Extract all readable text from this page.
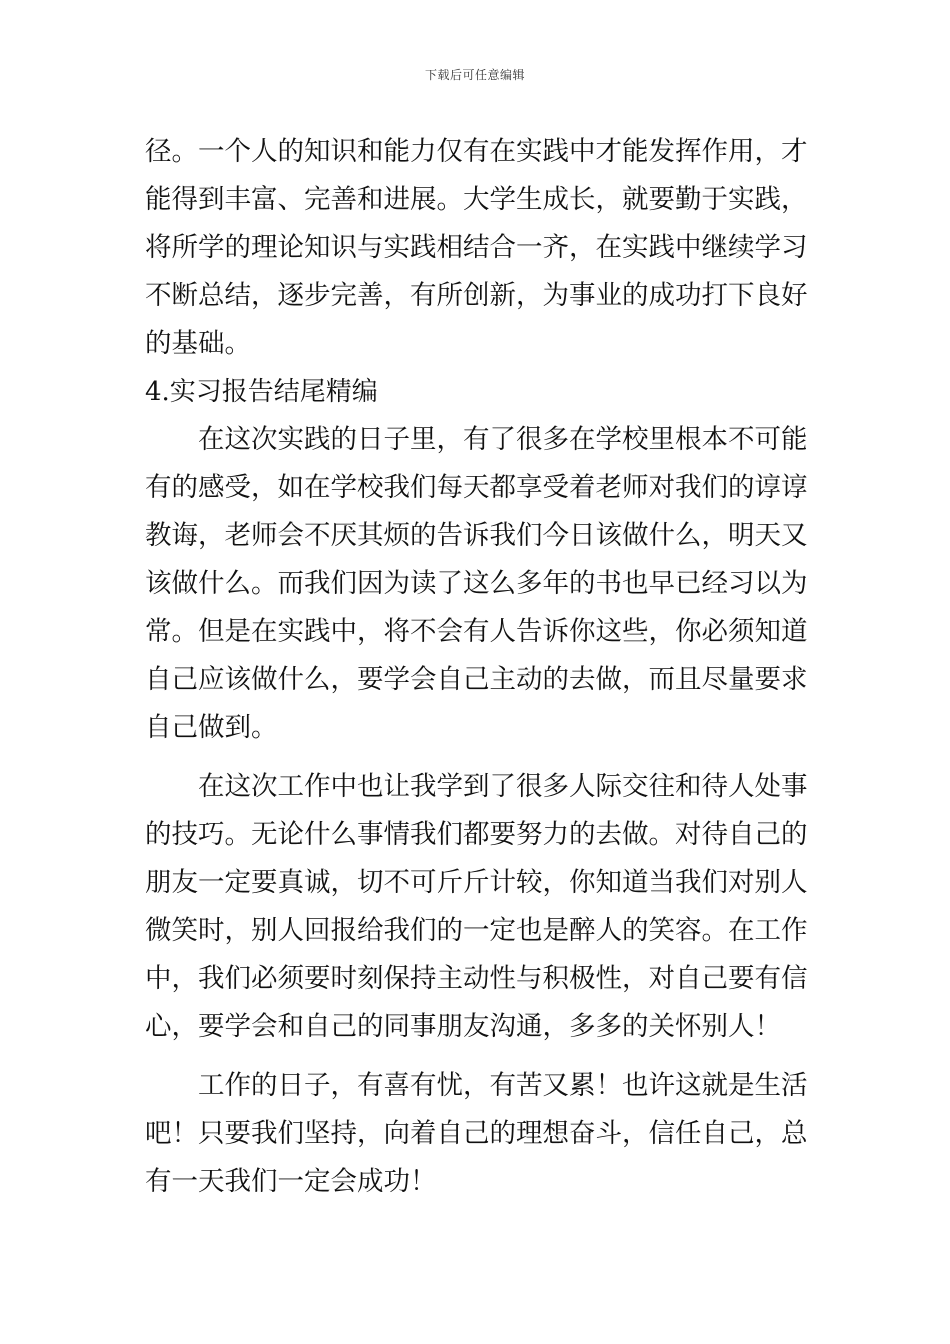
下载后可任意编辑
径。一个人的知识和能力仅有在实践中才能发挥作用，才
能得到丰富、完善和进展。大学生成长，就要勤于实践，
将所学的理论知识与实践相结合一齐，在实践中继续学习
不断总结，逐步完善，有所创新，为事业的成功打下良好
的基础。
4.实习报告结尾精编
在这次实践的日子里，有了很多在学校里根本不可能
有的感受，如在学校我们每天都享受着老师对我们的谆谆
教诲，老师会不厌其烦的告诉我们今日该做什么，明天又
该做什么。而我们因为读了这么多年的书也早已经习以为
常。但是在实践中，将不会有人告诉你这些，你必须知道
自己应该做什么，要学会自己主动的去做，而且尽量要求
自己做到。
在这次工作中也让我学到了很多人际交往和待人处事
的技巧。无论什么事情我们都要努力的去做。对待自己的
朋友一定要真诚，切不可斤斤计较，你知道当我们对别人
微笑时，别人回报给我们的一定也是醉人的笑容。在工作
中，我们必须要时刻保持主动性与积极性，对自己要有信
心，要学会和自己的同事朋友沟通，多多的关怀别人！
工作的日子，有喜有忧，有苦又累！也许这就是生活
吧！只要我们坚持，向着自己的理想奋斗，信任自己，总
有一天我们一定会成功！
